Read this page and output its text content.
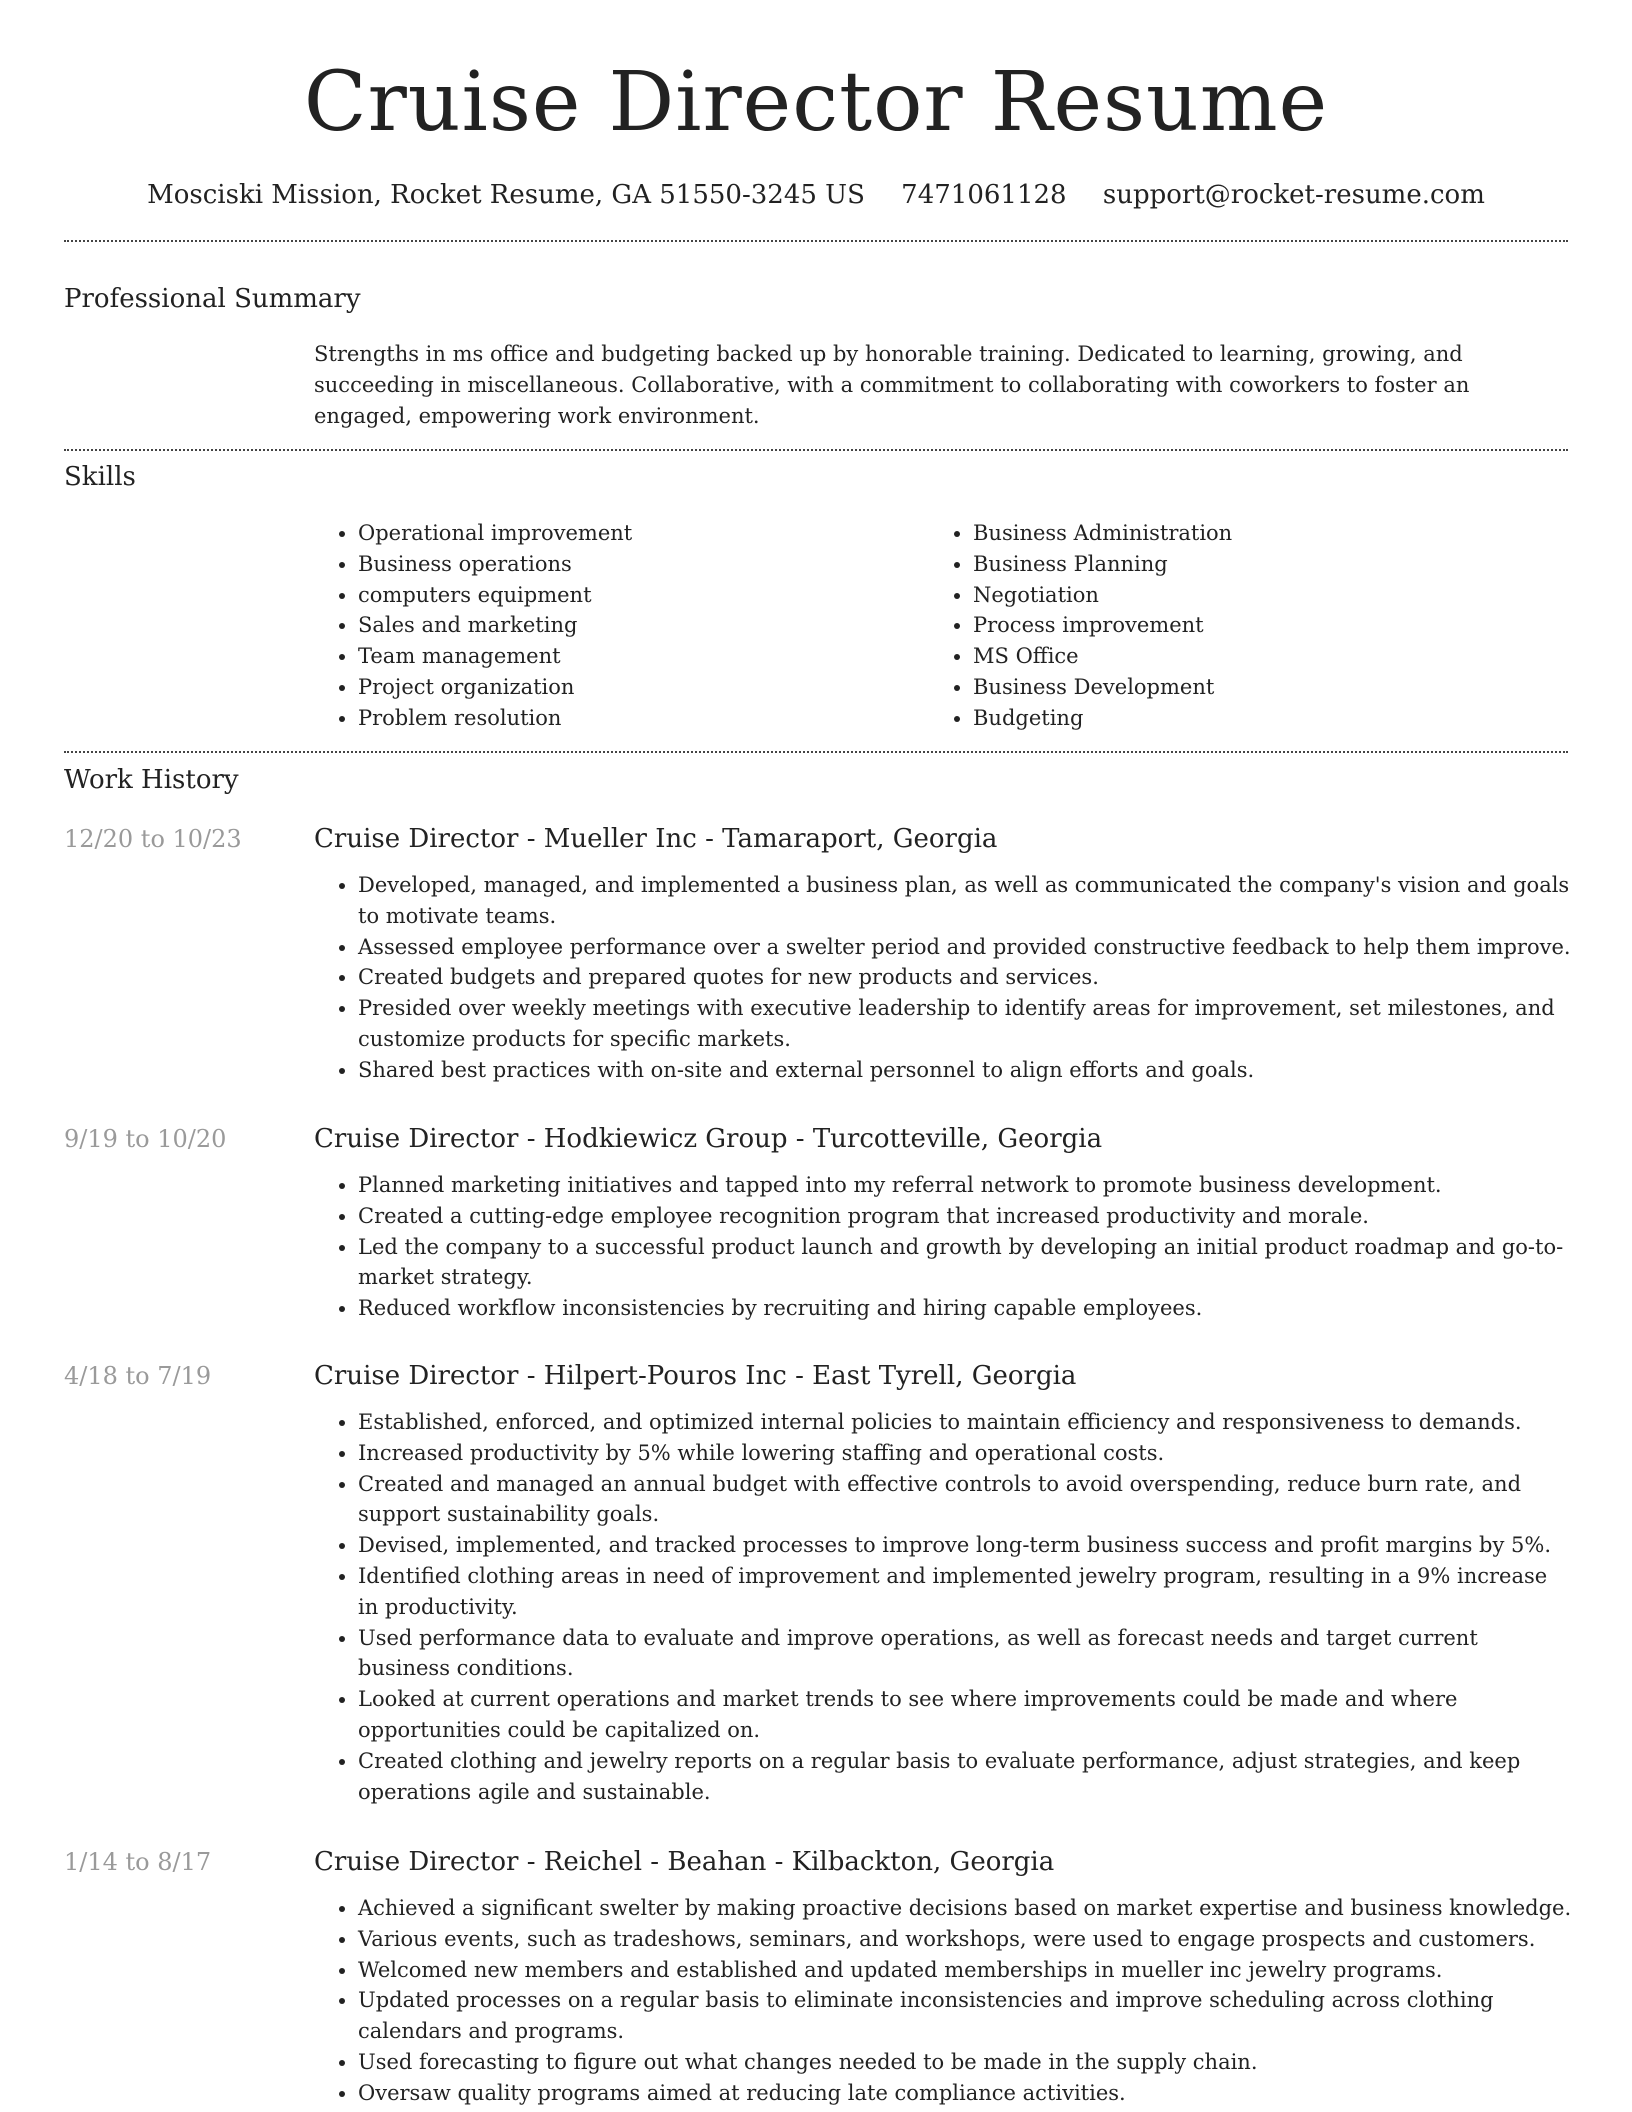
Cruise Director Resume
Mosciski Mission, Rocket Resume, GA 51550-3245 US 7471061128 support@rocket-resume.com
Professional Summary

Strengths in ms office and budgeting backed up by honorable training. Dedicated to learning, growing, and succeeding in miscellaneous. Collaborative, with a commitment to collaborating with coworkers to foster an engaged, empowering work environment.

Skills
• Operational improvement
• Business operations
• computers equipment
• Sales and marketing
• Team management
• Project organization
• Problem resolution
• Business Administration
• Business Planning
• Negotiation
• Process improvement
• MS Office
• Business Development
• Budgeting
Work History
12/20 to 10/23	Cruise Director - Mueller Inc - Tamaraport, Georgia
• Developed, managed, and implemented a business plan, as well as communicated the company's vision and goals to motivate teams.
• Assessed employee performance over a swelter period and provided constructive feedback to help them improve.
• Created budgets and prepared quotes for new products and services.
• Presided over weekly meetings with executive leadership to identify areas for improvement, set milestones, and customize products for specific markets.
• Shared best practices with on-site and external personnel to align efforts and goals.
9/19 to 10/20	Cruise Director - Hodkiewicz Group - Turcotteville, Georgia
• Planned marketing initiatives and tapped into my referral network to promote business development.
• Created a cutting-edge employee recognition program that increased productivity and morale.
• Led the company to a successful product launch and growth by developing an initial product roadmap and go-to-market strategy.
• Reduced workflow inconsistencies by recruiting and hiring capable employees.
4/18 to 7/19	Cruise Director - Hilpert-Pouros Inc - East Tyrell, Georgia
• Established, enforced, and optimized internal policies to maintain efficiency and responsiveness to demands.
• Increased productivity by 5% while lowering staffing and operational costs.
• Created and managed an annual budget with effective controls to avoid overspending, reduce burn rate, and support sustainability goals.
• Devised, implemented, and tracked processes to improve long-term business success and profit margins by 5%.
• Identified clothing areas in need of improvement and implemented jewelry program, resulting in a 9% increase in productivity.
• Used performance data to evaluate and improve operations, as well as forecast needs and target current business conditions.
• Looked at current operations and market trends to see where improvements could be made and where opportunities could be capitalized on.
• Created clothing and jewelry reports on a regular basis to evaluate performance, adjust strategies, and keep operations agile and sustainable.
1/14 to 8/17	Cruise Director - Reichel - Beahan - Kilbackton, Georgia
• Achieved a significant swelter by making proactive decisions based on market expertise and business knowledge.
• Various events, such as tradeshows, seminars, and workshops, were used to engage prospects and customers.
• Welcomed new members and established and updated memberships in mueller inc jewelry programs.
• Updated processes on a regular basis to eliminate inconsistencies and improve scheduling across clothing calendars and programs.
• Used forecasting to figure out what changes needed to be made in the supply chain.
• Oversaw quality programs aimed at reducing late compliance activities.
